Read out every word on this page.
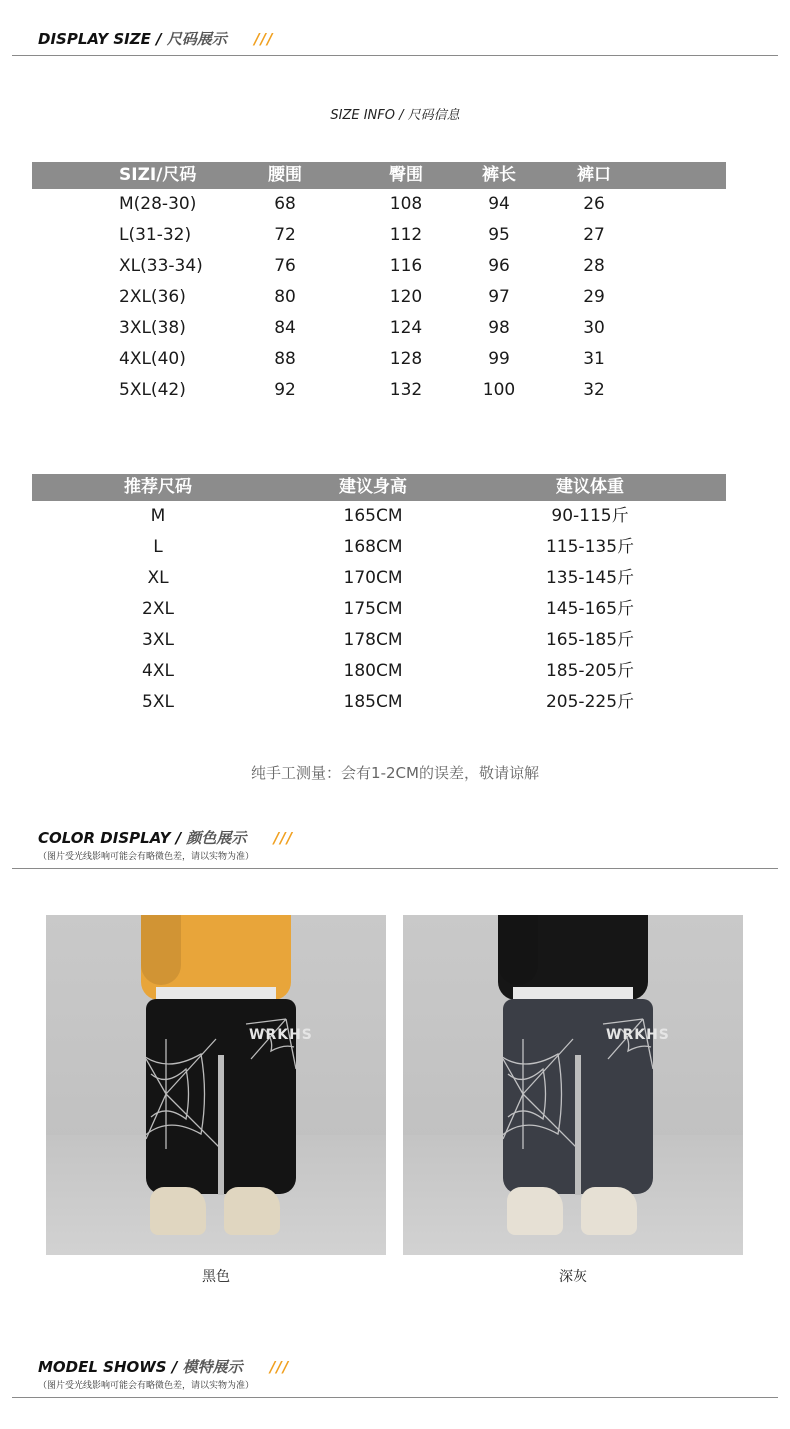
DISPLAY SIZE / 尺码展示 ///
SIZE INFO / 尺码信息
SIZI/尺码	腰围	臀围	裤长	裤口
M(28-30)	68	108	94	26
L(31-32)	72	112	95	27
XL(33-34)	76	116	96	28
2XL(36)	80	120	97	29
3XL(38)	84	124	98	30
4XL(40)	88	128	99	31
5XL(42)	92	132	100	32
推荐尺码	建议身高	建议体重
M	165CM	90-115斤
L	168CM	115-135斤
XL	170CM	135-145斤
2XL	175CM	145-165斤
3XL	178CM	165-185斤
4XL	180CM	185-205斤
5XL	185CM	205-225斤
纯手工测量：会有1-2CM的误差，敬请谅解
COLOR DISPLAY / 颜色展示 ///
（图片受光线影响可能会有略微色差，请以实物为准）
WRKHS
黑色
WRKHS
深灰
MODEL SHOWS / 模特展示 ///
（图片受光线影响可能会有略微色差，请以实物为准）
